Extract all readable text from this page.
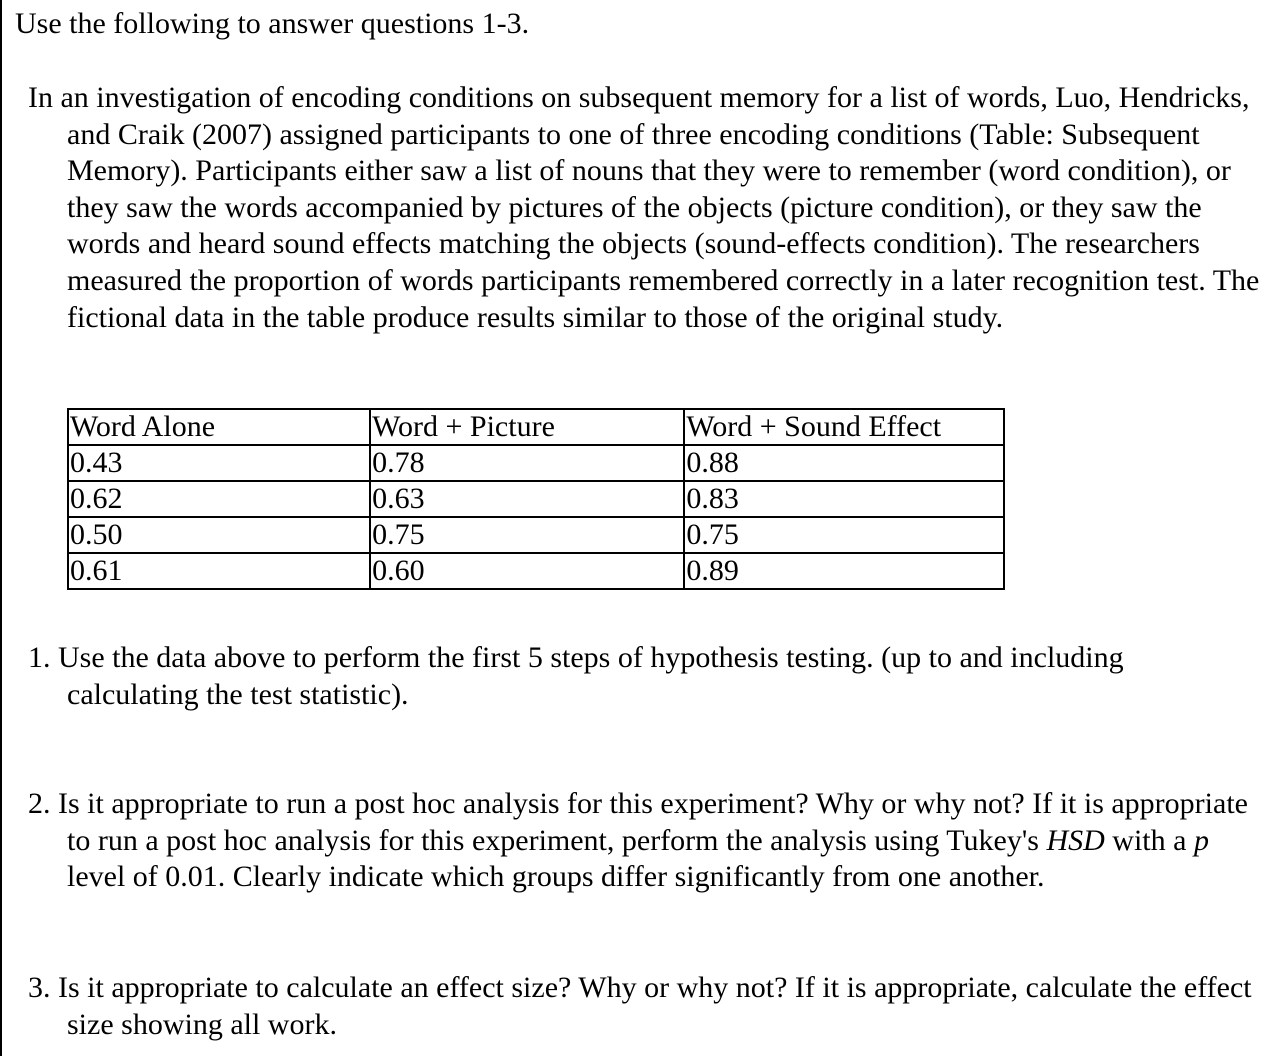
Use the following to answer questions 1-3.
In an investigation of encoding conditions on subsequent memory for a list of words, Luo, Hendricks, and Craik (2007) assigned participants to one of three encoding conditions (Table: Subsequent Memory). Participants either saw a list of nouns that they were to remember (word condition), or they saw the words accompanied by pictures of the objects (picture condition), or they saw the words and heard sound effects matching the objects (sound-effects condition). The researchers measured the proportion of words participants remembered correctly in a later recognition test. The fictional data in the table produce results similar to those of the original study.
Word Alone	Word + Picture	Word + Sound Effect
0.43	0.78	0.88
0.62	0.63	0.83
0.50	0.75	0.75
0.61	0.60	0.89
1. Use the data above to perform the first 5 steps of hypothesis testing. (up to and including calculating the test statistic).
2. Is it appropriate to run a post hoc analysis for this experiment? Why or why not? If it is appropriate to run a post hoc analysis for this experiment, perform the analysis using Tukey's HSD with a p level of 0.01. Clearly indicate which groups differ significantly from one another.
3. Is it appropriate to calculate an effect size? Why or why not? If it is appropriate, calculate the effect size showing all work.
